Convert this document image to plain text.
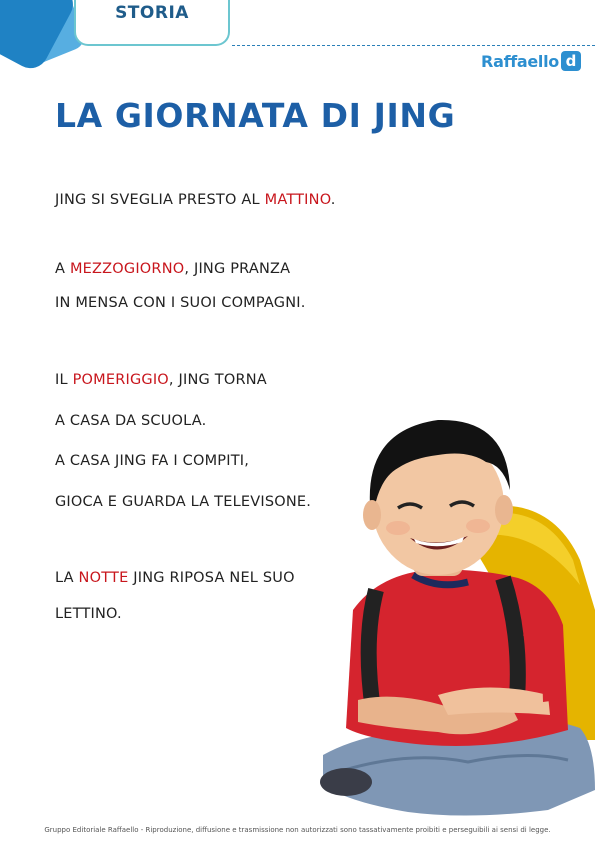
STORIA
Raffaello d
LA GIORNATA DI JING
JING SI SVEGLIA PRESTO AL MATTINO.
A MEZZOGIORNO, JING PRANZA
IN MENSA CON I SUOI COMPAGNI.
IL POMERIGGIO, JING TORNA
A CASA DA SCUOLA.
A CASA JING FA I COMPITI,
GIOCA E GUARDA LA TELEVISONE.
LA NOTTE JING RIPOSA NEL SUO
LETTINO.
Gruppo Editoriale Raffaello - Riproduzione, diffusione e trasmissione non autorizzati sono tassativamente proibiti e perseguibili ai sensi di legge.
